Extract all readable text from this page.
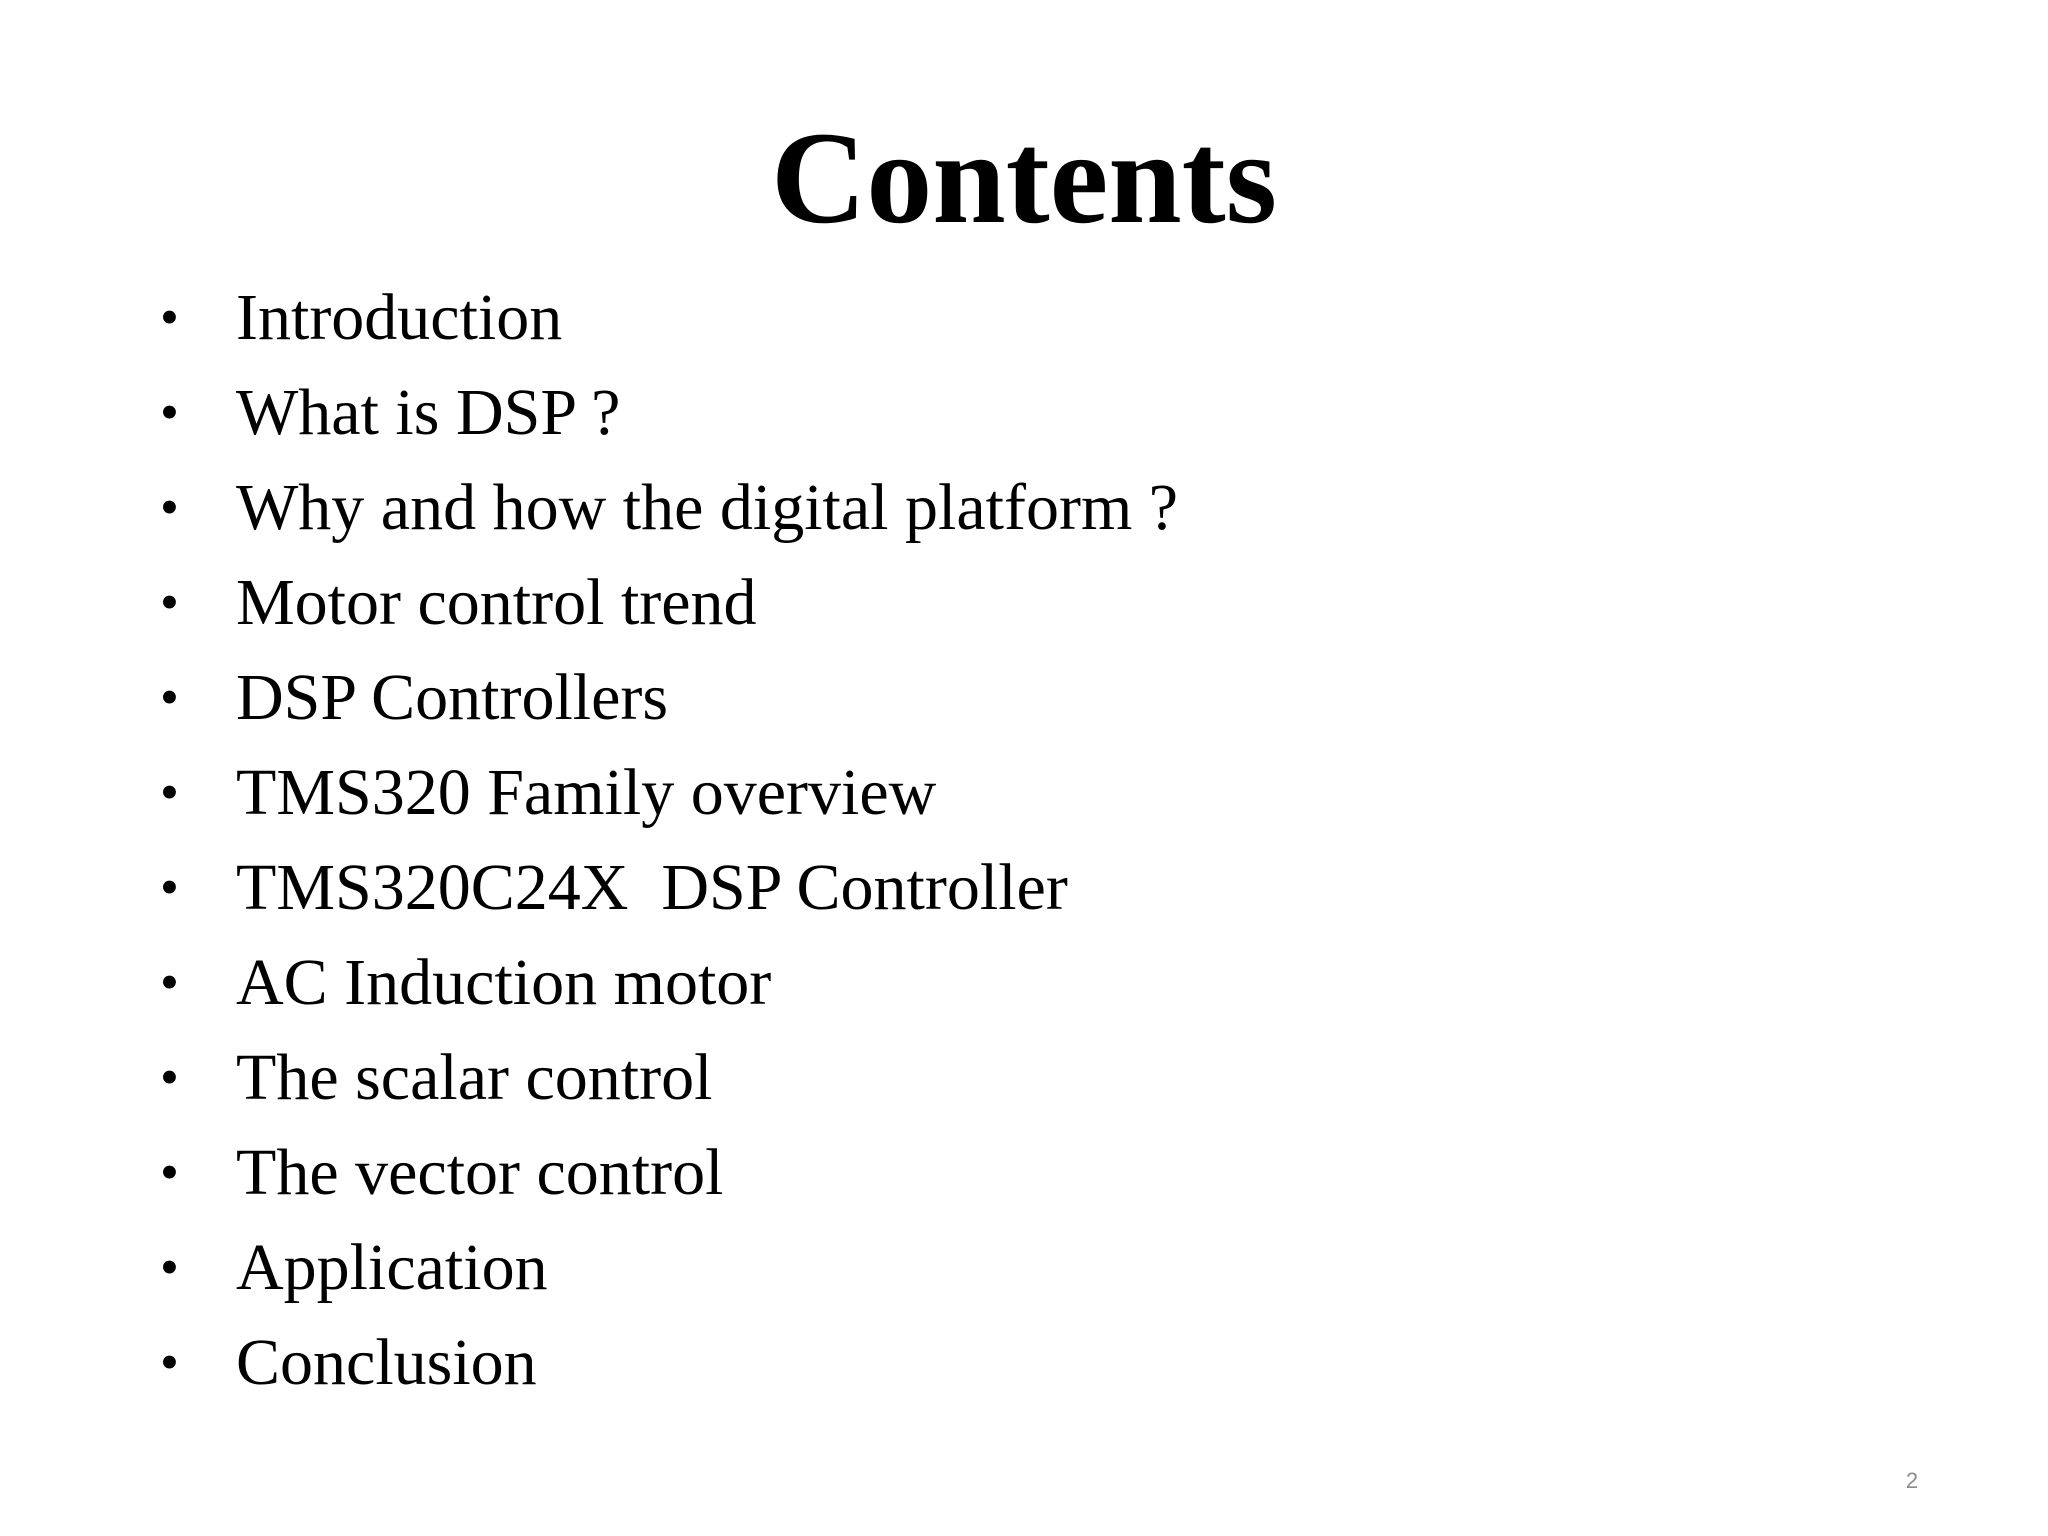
Contents
• Introduction
• What is DSP ?
• Why and how the digital platform ?
• Motor control trend
• DSP Controllers
• TMS320 Family overview
• TMS320C24X  DSP Controller
• AC Induction motor
• The scalar control
• The vector control
• Application
• Conclusion
2
